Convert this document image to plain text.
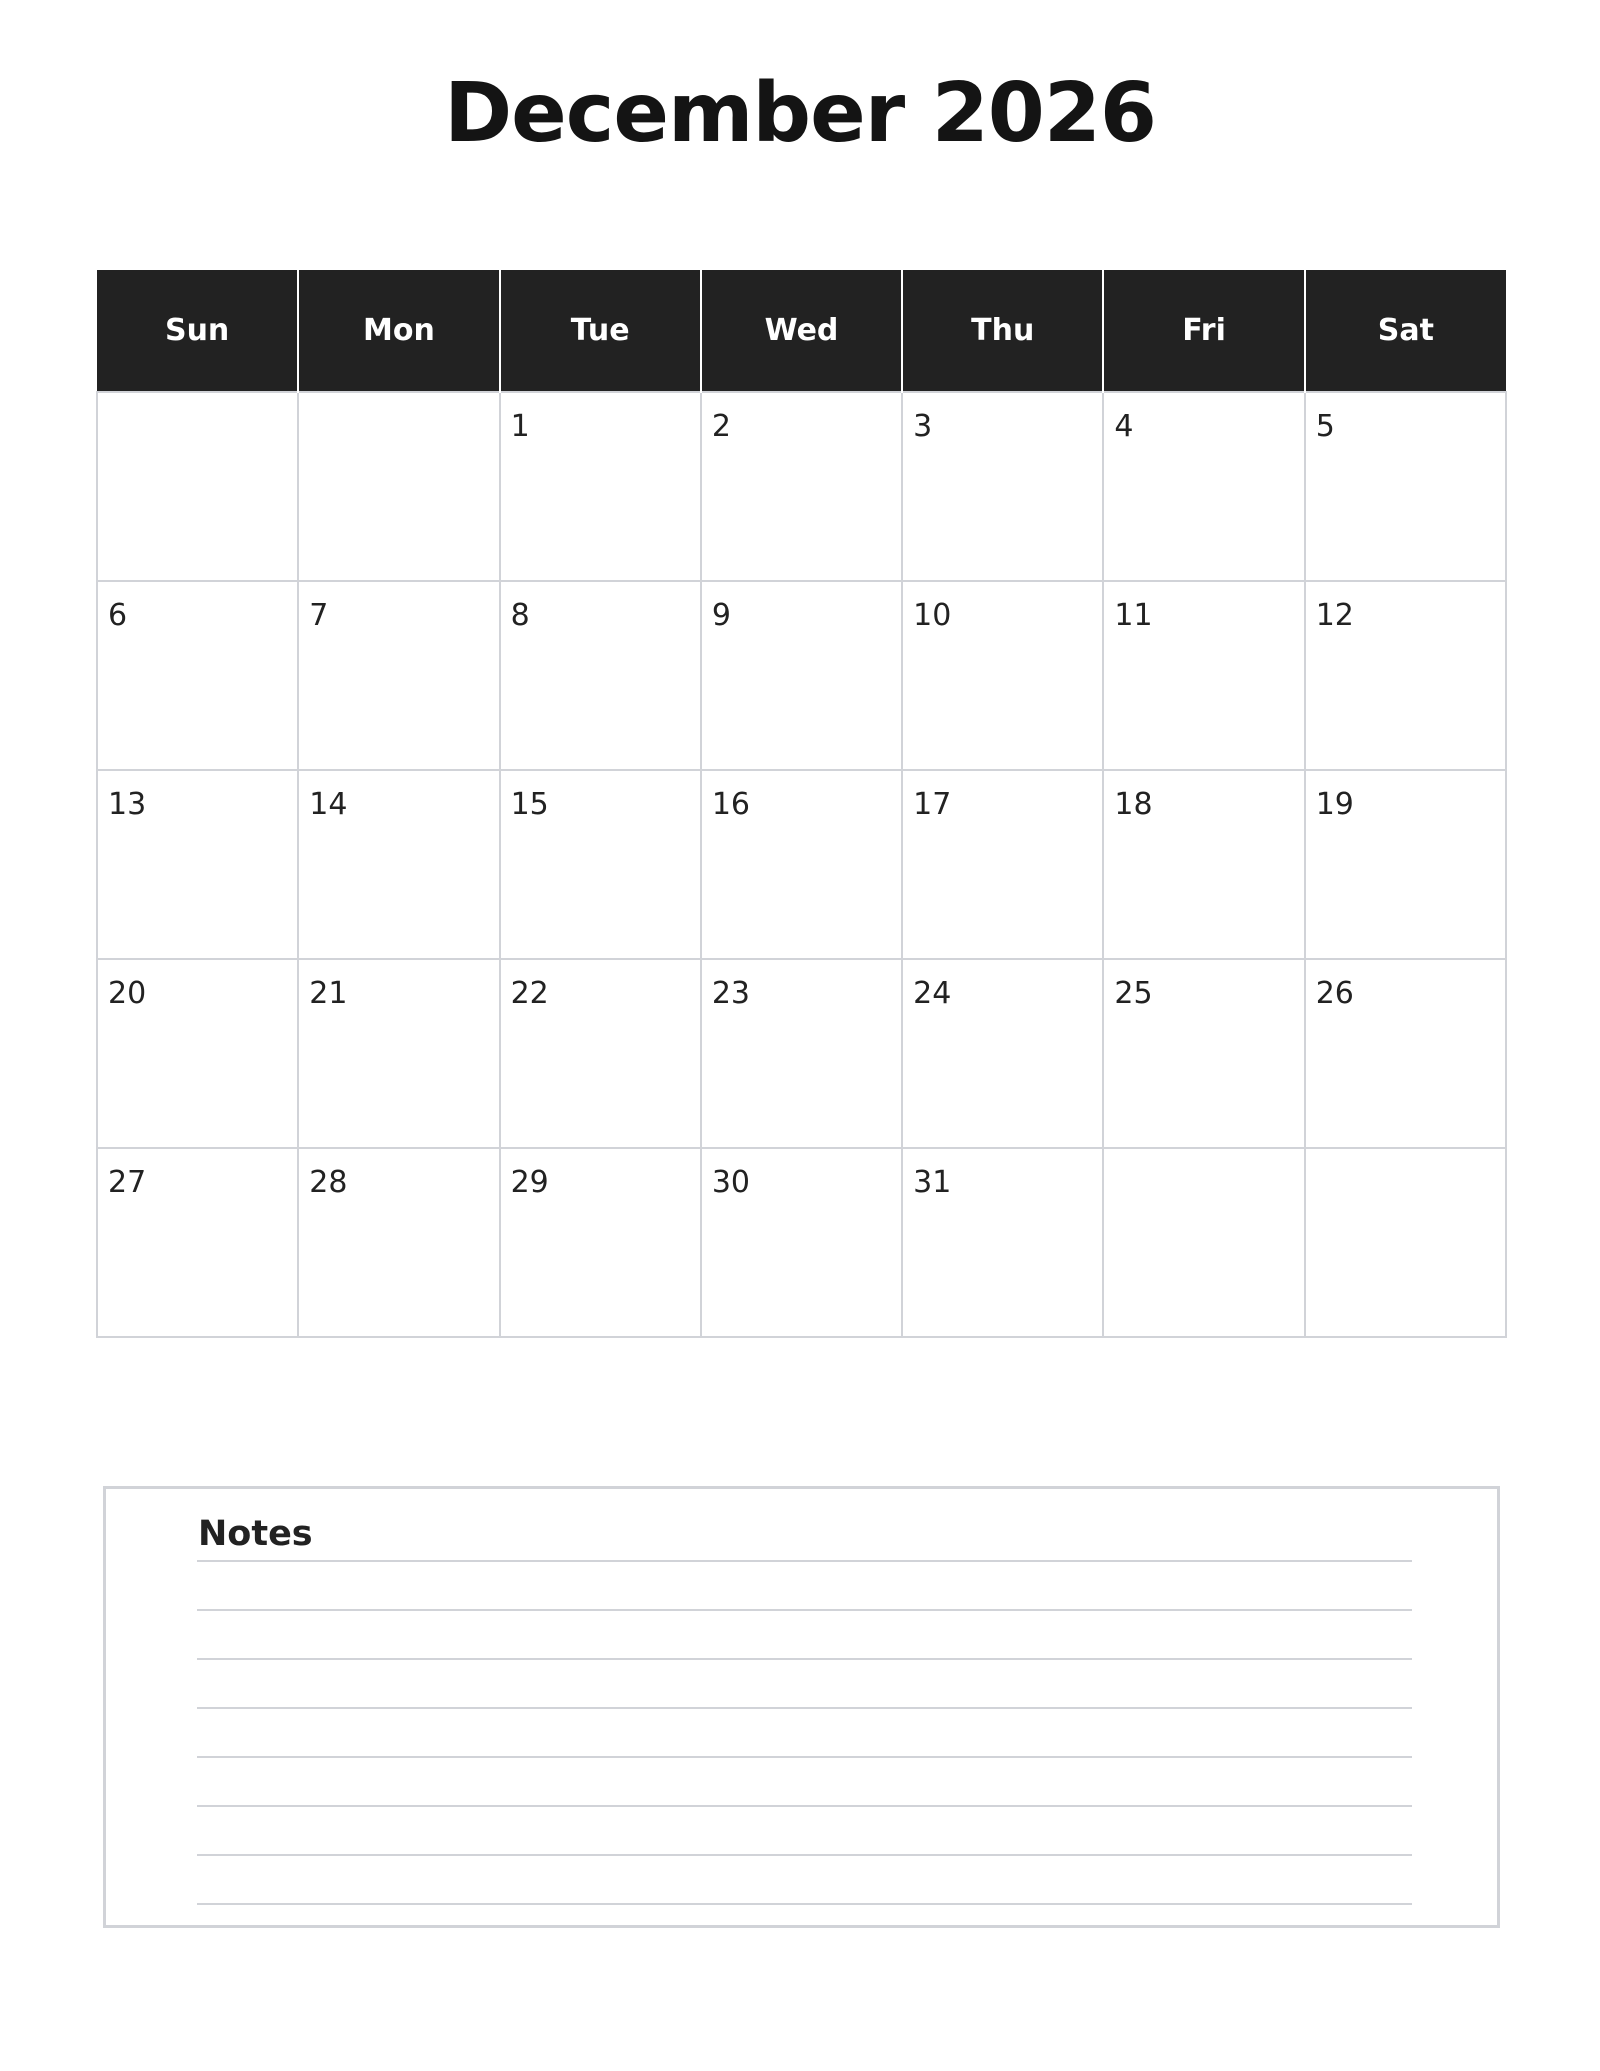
December 2026
Sun	Mon	Tue	Wed	Thu	Fri	Sat

		1	2	3	4	5

6	7	8	9	10	11	12

13	14	15	16	17	18	19

20	21	22	23	24	25	26

27	28	29	30	31		

Notes
